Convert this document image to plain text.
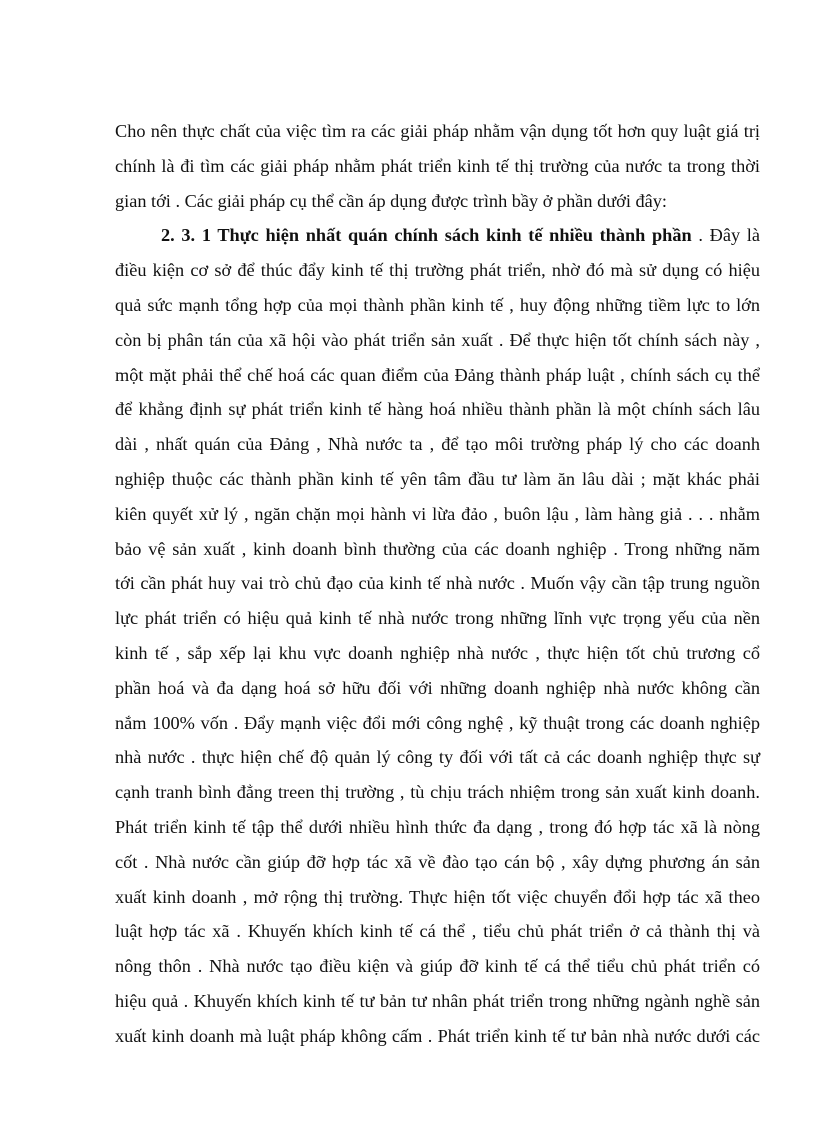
Cho nên thực chất của việc tìm ra các giải pháp nhằm vận dụng tốt hơn quy luật giá trị
chính là đi tìm các giải pháp nhằm phát triển kinh tế thị trường của nước ta trong thời
gian tới . Các giải pháp cụ thể cần áp dụng được trình bầy ở phần dưới đây:
2. 3. 1 Thực hiện nhất quán chính sách kinh tế nhiều thành phần . Đây là
điều kiện cơ sở để thúc đẩy kinh tế thị trường phát triển, nhờ đó mà sử dụng có hiệu
quả sức mạnh tổng hợp của mọi thành phần kinh tế , huy động những tiềm lực to lớn
còn bị phân tán của xã hội vào phát triển sản xuất . Để thực hiện tốt chính sách này ,
một mặt phải thể chế hoá các quan điểm của Đảng thành pháp luật , chính sách cụ thể
để khẳng định sự phát triển kinh tế hàng hoá nhiều thành phần là một chính sách lâu
dài , nhất quán của Đảng , Nhà nước ta , để tạo môi trường pháp lý cho các doanh
nghiệp thuộc các thành phần kinh tế yên tâm đầu tư làm ăn lâu dài ; mặt khác phải
kiên quyết xử lý , ngăn chặn mọi hành vi lừa đảo , buôn lậu , làm hàng giả . . . nhằm
bảo vệ sản xuất , kinh doanh bình thường của các doanh nghiệp . Trong những năm
tới cần phát huy vai trò chủ đạo của kinh tế nhà nước . Muốn vậy cần tập trung nguồn
lực phát triển có hiệu quả kinh tế nhà nước trong những lĩnh vực trọng yếu của nền
kinh tế , sắp xếp lại khu vực doanh nghiệp nhà nước , thực hiện tốt chủ trương cổ
phần hoá và đa dạng hoá sở hữu đối với những doanh nghiệp nhà nước không cần
nắm 100% vốn . Đẩy mạnh việc đổi mới công nghệ , kỹ thuật trong các doanh nghiệp
nhà nước . thực hiện chế độ quản lý công ty đối với tất cả các doanh nghiệp thực sự
cạnh tranh bình đẳng treen thị trường , tù chịu trách nhiệm trong sản xuất kinh doanh.
Phát triển kinh tế tập thể dưới nhiều hình thức đa dạng , trong đó hợp tác xã là nòng
cốt . Nhà nước cần giúp đỡ hợp tác xã về đào tạo cán bộ , xây dựng phương án sản
xuất kinh doanh , mở rộng thị trường. Thực hiện tốt việc chuyển đổi hợp tác xã theo
luật hợp tác xã . Khuyến khích kinh tế cá thể , tiểu chủ phát triển ở cả thành thị và
nông thôn . Nhà nước tạo điều kiện và giúp đỡ kinh tế cá thể tiểu chủ phát triển có
hiệu quả . Khuyến khích kinh tế tư bản tư nhân phát triển trong những ngành nghề sản
xuất kinh doanh mà luật pháp không cấm . Phát triển kinh tế tư bản nhà nước dưới các
